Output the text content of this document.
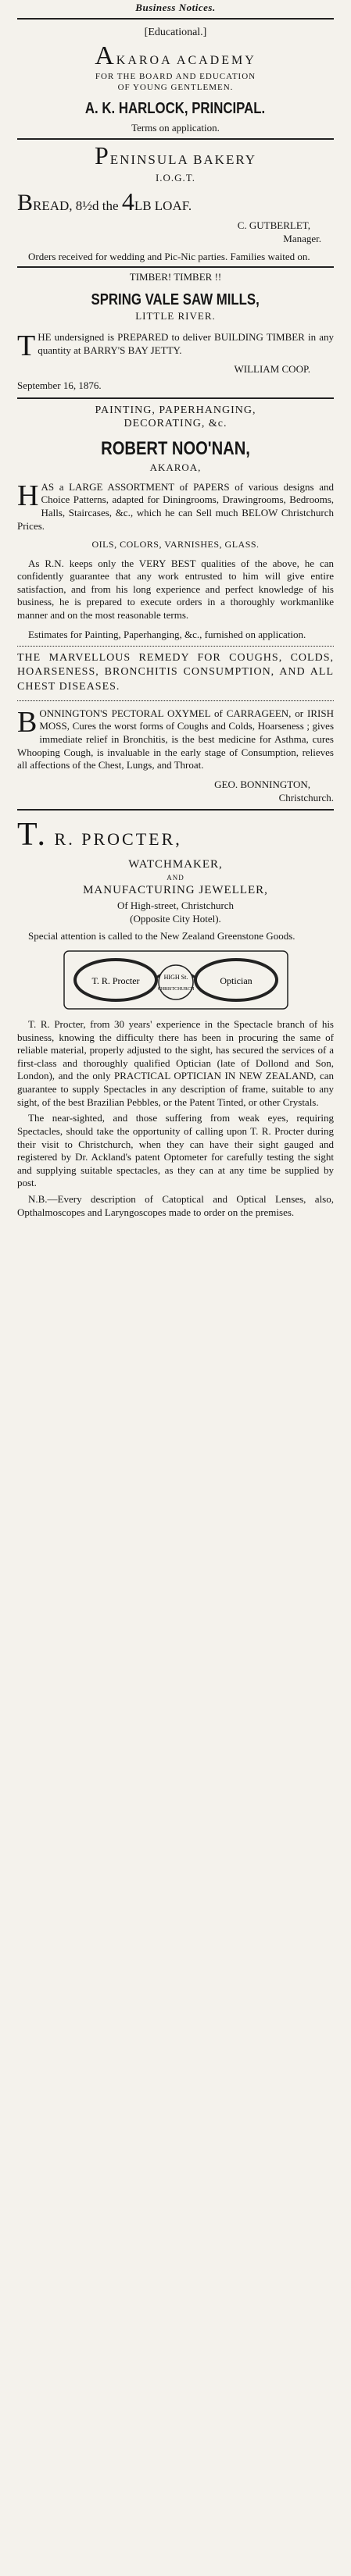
Business Notices.

[Educational.]

AKAROA ACADEMY

FOR THE BOARD AND EDUCATION

OF YOUNG GENTLEMEN.

A. K. HARLOCK, PRINCIPAL.

Terms on application.

PENINSULA BAKERY

I.O.G.T.

BREAD, 8½d the 4LB LOAF.

C. GUTBERLET,

Manager.

Orders received for wedding and Pic-Nic parties. Families waited on.

TIMBER! TIMBER !!

SPRING VALE SAW MILLS,

LITTLE RIVER.

THE undersigned is PREPARED to deliver BUILDING TIMBER in any quantity at BARRY'S BAY JETTY.

WILLIAM COOP.

September 16, 1876.

PAINTING, PAPERHANGING,

DECORATING, &c.

ROBERT NOO'NAN,

AKAROA,

HAS a LARGE ASSORTMENT of PAPERS of various designs and Choice Patterns, adapted for Diningrooms, Drawingrooms, Bedrooms, Halls, Staircases, &c., which he can Sell much BELOW Christchurch Prices.

OILS, COLORS, VARNISHES, GLASS.

As R.N. keeps only the VERY BEST qualities of the above, he can confidently guarantee that any work entrusted to him will give entire satisfaction, and from his long experience and perfect knowledge of his business, he is prepared to execute orders in a thoroughly workmanlike manner and on the most reasonable terms.

Estimates for Painting, Paperhanging, &c., furnished on application.

THE MARVELLOUS REMEDY FOR COUGHS, COLDS, HOARSENESS, BRONCHITIS CONSUMPTION, AND ALL CHEST DISEASES.

BONNINGTON'S PECTORAL OXYMEL of CARRAGEEN, or IRISH MOSS, Cures the worst forms of Coughs and Colds, Hoarseness ; gives immediate relief in Bronchitis, is the best medicine for Asthma, cures Whooping Cough, is invaluable in the early stage of Consumption, relieves all affections of the Chest, Lungs, and Throat.

GEO. BONNINGTON,

Christchurch.

T. R. PROCTER,

WATCHMAKER,

AND

MANUFACTURING JEWELLER,

Of High-street, Christchurch

(Opposite City Hotel).

Special attention is called to the New Zealand Greenstone Goods.

T. R. Procter	Optician
HIGH St.
CHRISTCHURCH

T. R. Procter, from 30 years' experience in the Spectacle branch of his business, knowing the difficulty there has been in procuring the same of reliable material, properly adjusted to the sight, has secured the services of a first-class and thoroughly qualified Optician (late of Dollond and Son, London), and the only PRACTICAL OPTICIAN IN NEW ZEALAND, can guarantee to supply Spectacles in any description of frame, suitable to any sight, of the best Brazilian Pebbles, or the Patent Tinted, or other Crystals.

The near-sighted, and those suffering from weak eyes, requiring Spectacles, should take the opportunity of calling upon T. R. Procter during their visit to Christchurch, when they can have their sight gauged and registered by Dr. Ackland's patent Optometer for carefully testing the sight and supplying suitable spectacles, as they can at any time be supplied by post.

N.B.—Every description of Catoptical and Optical Lenses, also, Opthalmoscopes and Laryngoscopes made to order on the premises.
